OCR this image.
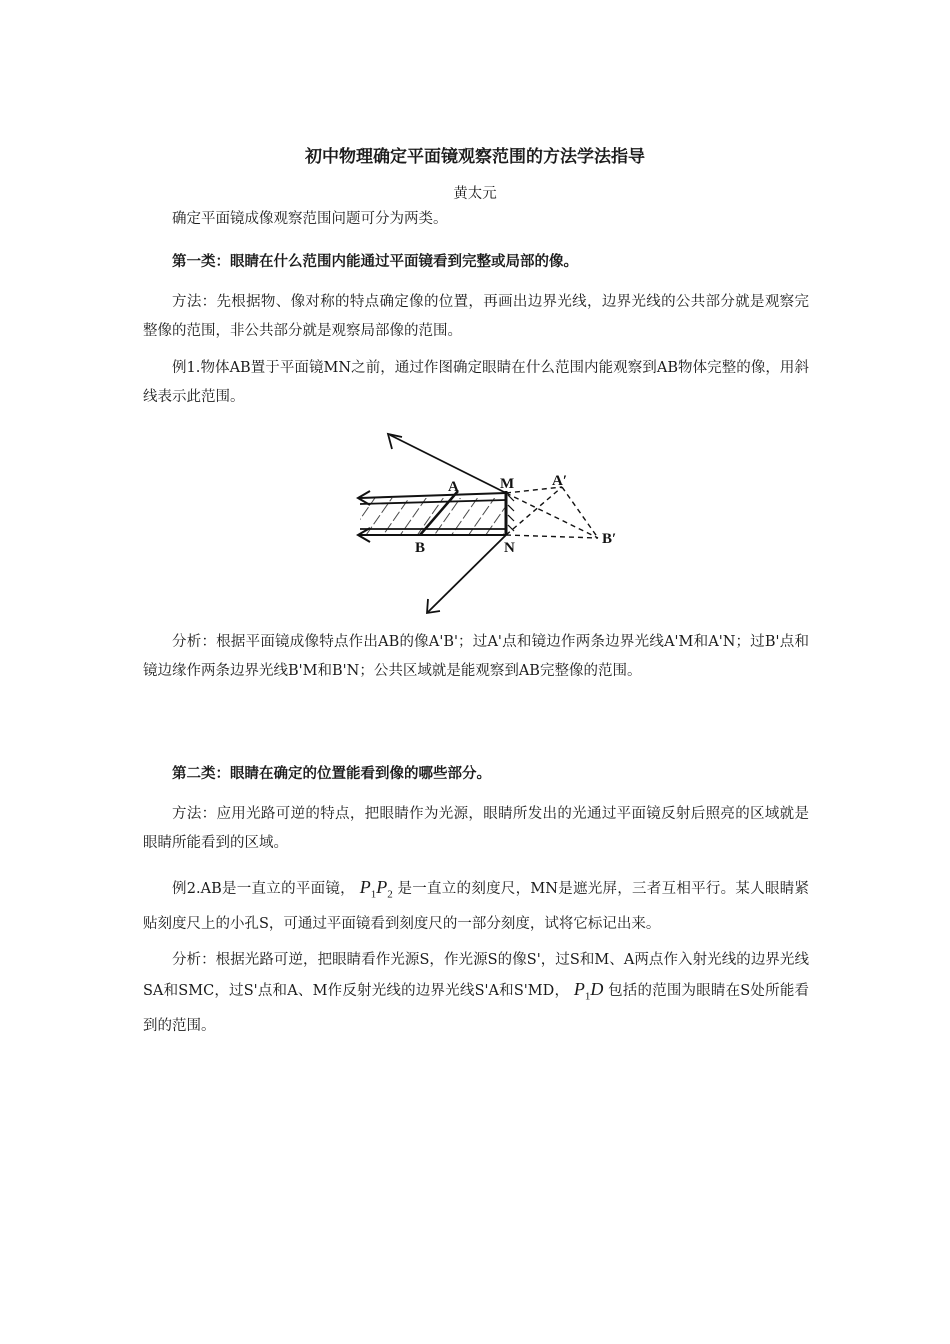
初中物理确定平面镜观察范围的方法学法指导
黄太元

确定平面镜成像观察范围问题可分为两类。

第一类：眼睛在什么范围内能通过平面镜看到完整或局部的像。

方法：先根据物、像对称的特点确定像的位置，再画出边界光线，边界光线的公共部分就是观察完整像的范围，非公共部分就是观察局部像的范围。

例1.物体AB置于平面镜MN之前，通过作图确定眼睛在什么范围内能观察到AB物体完整的像，用斜线表示此范围。

M
N
A
B
A′
B′

分析：根据平面镜成像特点作出AB的像A'B'；过A'点和镜边作两条边界光线A'M和A'N；过B'点和镜边缘作两条边界光线B'M和B'N；公共区域就是能观察到AB完整像的范围。

第二类：眼睛在确定的位置能看到像的哪些部分。

方法：应用光路可逆的特点，把眼睛作为光源，眼睛所发出的光通过平面镜反射后照亮的区域就是眼睛所能看到的区域。

例2.AB是一直立的平面镜， $P_1P_2$ 是一直立的刻度尺，MN是遮光屏，三者互相平行。某人眼睛紧贴刻度尺上的小孔S，可通过平面镜看到刻度尺的一部分刻度，试将它标记出来。

分析：根据光路可逆，把眼睛看作光源S，作光源S的像S'，过S和M、A两点作入射光线的边界光线SA和SMC，过S'点和A、M作反射光线的边界光线S'A和S'MD， $P_1D$ 包括的范围为眼睛在S处所能看到的范围。
